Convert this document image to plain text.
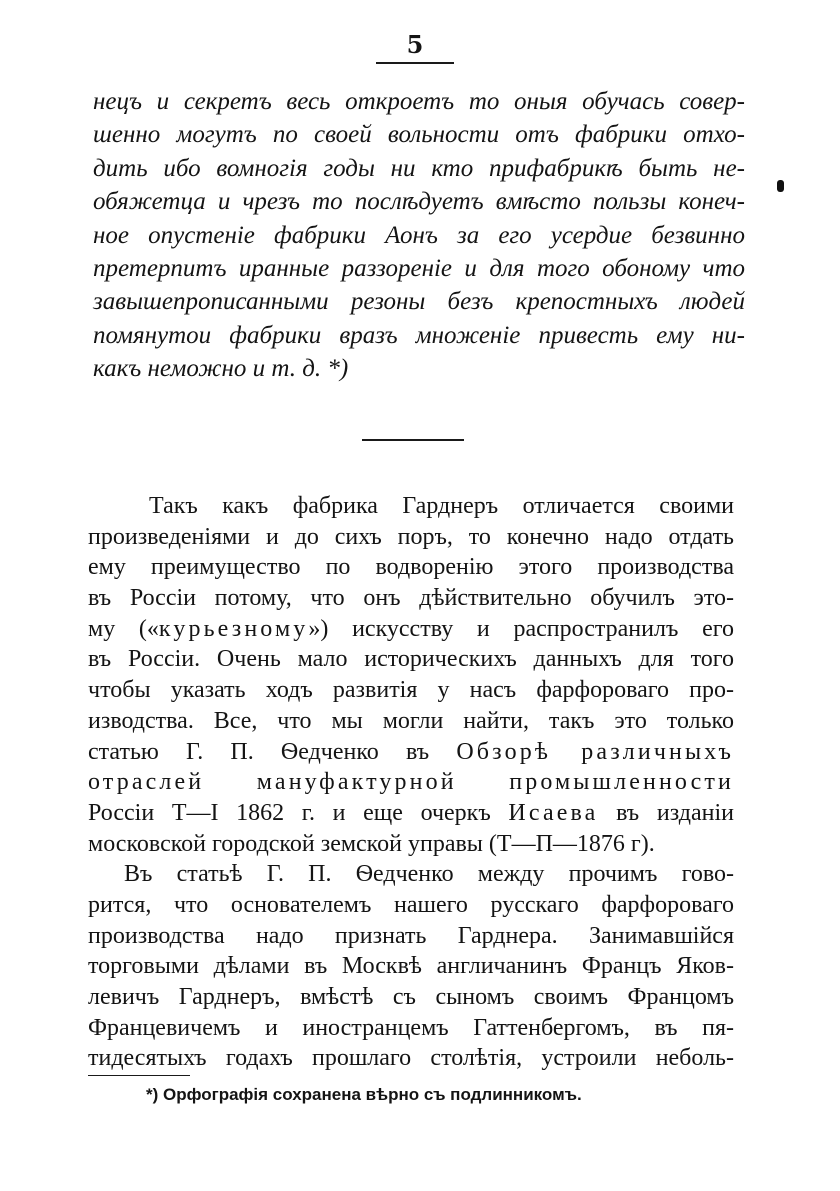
5
нецъ и секретъ весь откроетъ то оныя обучась совер-
шенно могутъ по своей вольности отъ фабрики отхо-
дить ибо вомногія годы ни кто прифабрикѣ быть не-
обяжетца и чрезъ то послѣдуетъ вмѣсто пользы конеч-
ное опустеніе фабрики Аонъ за его усердие безвинно
претерпитъ иранные раззореніе и для того обоному что
завышепрописанными резоны безъ крепостныхъ людей
помянутои фабрики вразъ множеніе привесть ему ни-
какъ неможно и т. д. *)
Такъ какъ фабрика Гарднеръ отличается своими
произведеніями и до сихъ поръ, то конечно надо отдать
ему преимущество по водворенію этого производства
въ Россіи потому, что онъ дѣйствительно обучилъ это-
му («курьезному») искусству и распространилъ его
въ Россіи. Очень мало историческихъ данныхъ для того
чтобы указать ходъ развитія у насъ фарфороваго про-
изводства. Все, что мы могли найти, такъ это только
статью Г. П. Ѳедченко въ Обзорѣ различныхъ
отраслей мануфактурной промышленности
Россіи Т—I 1862 г. и еще очеркъ Исаева въ изданіи
московской городской земской управы (Т—П—1876 г).
Въ статьѣ Г. П. Ѳедченко между прочимъ гово-
рится, что основателемъ нашего русскаго фарфороваго
производства надо признать Гарднера. Занимавшійся
торговыми дѣлами въ Москвѣ англичанинъ Францъ Яков-
левичъ Гарднеръ, вмѣстѣ съ сыномъ своимъ Францомъ
Францевичемъ и иностранцемъ Гаттенбергомъ, въ пя-
тидесятыхъ годахъ прошлаго столѣтія, устроили неболь-
*) Орфографія сохранена вѣрно съ подлинникомъ.
